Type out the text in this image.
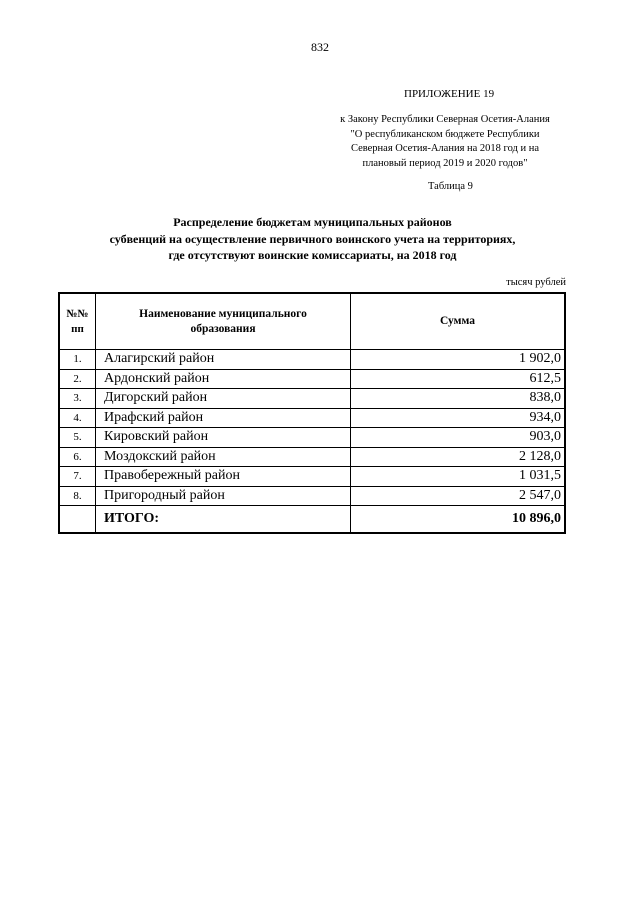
832
ПРИЛОЖЕНИЕ 19
к Закону Республики Северная Осетия-Алания
"О республиканском бюджете Республики
Северная Осетия-Алания на 2018 год и на
плановый период 2019 и 2020 годов"
Таблица 9
Распределение бюджетам муниципальных районов
субвенций на осуществление первичного воинского учета на территориях,
где отсутствуют воинские комиссариаты, на 2018 год
тысяч рублей
№№ пп	Наименование муниципального образования	Сумма
1.	Алагирский район	1 902,0
2.	Ардонский район	612,5
3.	Дигорский район	838,0
4.	Ирафский район	934,0
5.	Кировский район	903,0
6.	Моздокский район	2 128,0
7.	Правобережный район	1 031,5
8.	Пригородный район	2 547,0
	ИТОГО:	10 896,0
